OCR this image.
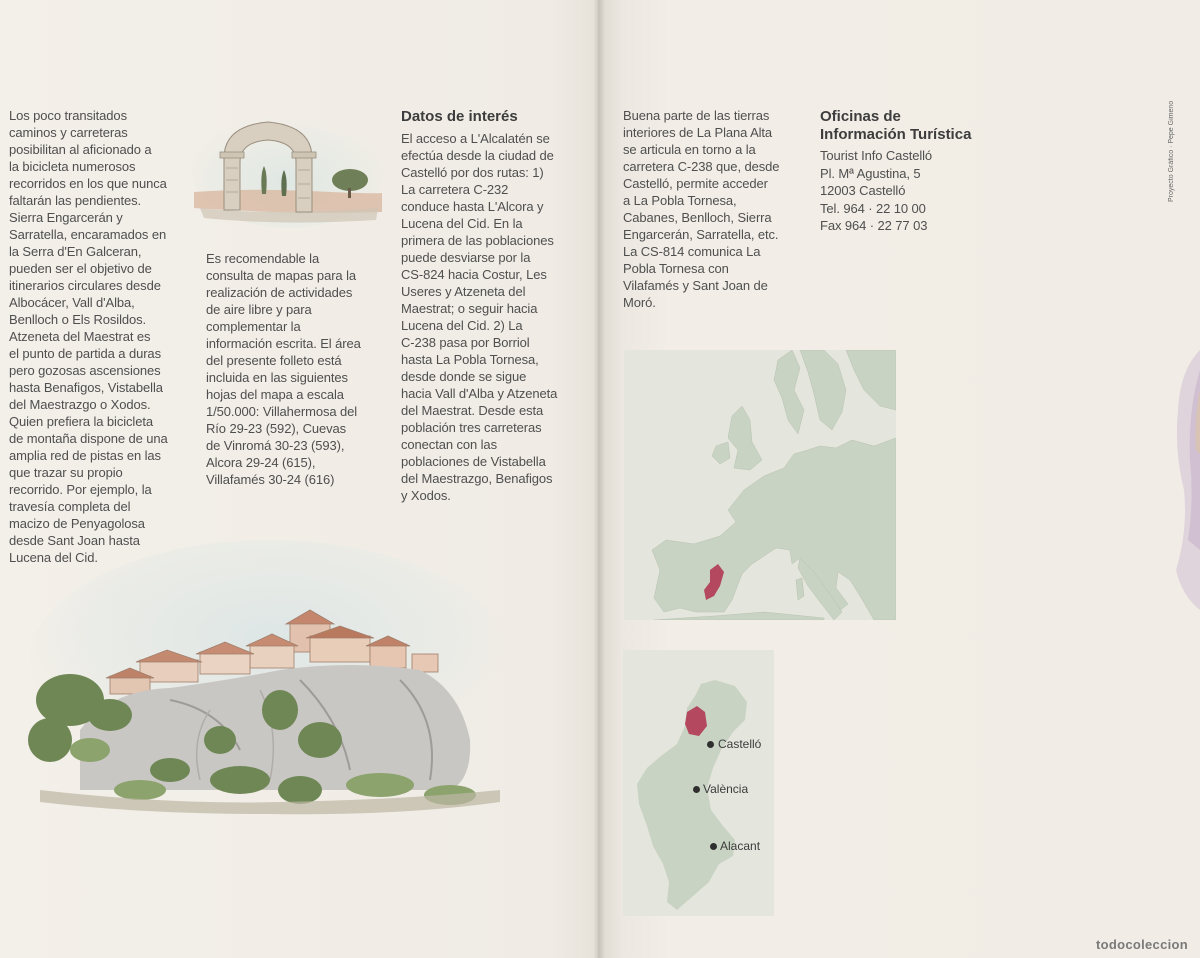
Los poco transitados
caminos y carreteras
posibilitan al aficionado a
la bicicleta numerosos
recorridos en los que nunca
faltarán las pendientes.
Sierra Engarcerán y
Sarratella, encaramados en
la Serra d'En Galceran,
pueden ser el objetivo de
itinerarios circulares desde
Albocácer, Vall d'Alba,
Benlloch o Els Rosildos.
Atzeneta del Maestrat es
el punto de partida a duras
pero gozosas ascensiones
hasta Benafigos, Vistabella
del Maestrazgo o Xodos.
Quien prefiera la bicicleta
de montaña dispone de una
amplia red de pistas en las
que trazar su propio
recorrido. Por ejemplo, la
travesía completa del
macizo de Penyagolosa
desde Sant Joan hasta
Lucena del Cid.
Es recomendable la
consulta de mapas para la
realización de actividades
de aire libre y para
complementar la
información escrita. El área
del presente folleto está
incluida en las siguientes
hojas del mapa a escala
1/50.000: Villahermosa del
Río 29-23 (592), Cuevas
de Vinromá 30-23 (593),
Alcora 29-24 (615),
Villafamés 30-24 (616)
Datos de interés
El acceso a L'Alcalatén se
efectúa desde la ciudad de
Castelló por dos rutas: 1)
La carretera C-232
conduce hasta L'Alcora y
Lucena del Cid. En la
primera de las poblaciones
puede desviarse por la
CS-824 hacia Costur, Les
Useres y Atzeneta del
Maestrat; o seguir hacia
Lucena del Cid. 2) La
C-238 pasa por Borriol
hasta La Pobla Tornesa,
desde donde se sigue
hacia Vall d'Alba y Atzeneta
del Maestrat. Desde esta
población tres carreteras
conectan con las
poblaciones de Vistabella
del Maestrazgo, Benafigos
y Xodos.
Buena parte de las tierras
interiores de La Plana Alta
se articula en torno a la
carretera C-238 que, desde
Castelló, permite acceder
a La Pobla Tornesa,
Cabanes, Benlloch, Sierra
Engarcerán, Sarratella, etc.
La CS-814 comunica La
Pobla Tornesa con
Vilafamés y Sant Joan de
Moró.
Oficinas de
Información Turística
Tourist Info Castelló
Pl. Mª Agustina, 5
12003 Castelló
Tel. 964 · 22 10 00
Fax 964 · 22 77 03
Proyecto Gráfico · Pepe Gimeno
Castelló
València
Alacant
todocoleccion
